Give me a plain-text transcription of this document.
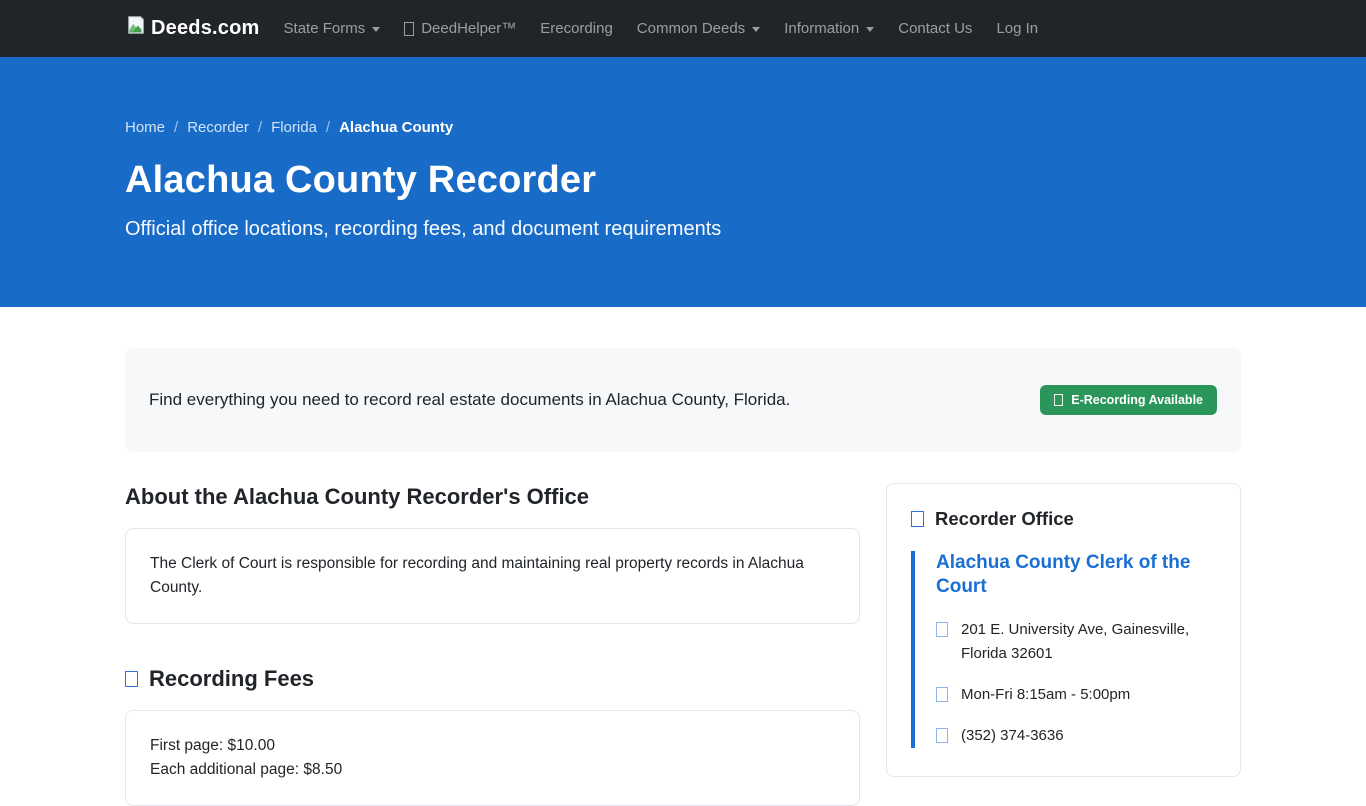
Deeds.com State Forms	DeedHelper™ Erecording Common Deeds	Information	Contact Us Log In
Home / Recorder / Florida / Alachua County
Alachua County Recorder

Official office locations, recording fees, and document requirements

Find everything you need to record real estate documents in Alachua County, Florida.	E-Recording Available
About the Alachua County Recorder's Office

The Clerk of Court is responsible for recording and maintaining real property records in Alachua County.

Recording Fees

First page: $10.00

Each additional page: $8.50

Recorder Office
Alachua County Clerk of the Court
201 E. University Ave, Gainesville, Florida 32601
Mon-Fri 8:15am - 5:00pm
(352) 374-3636
